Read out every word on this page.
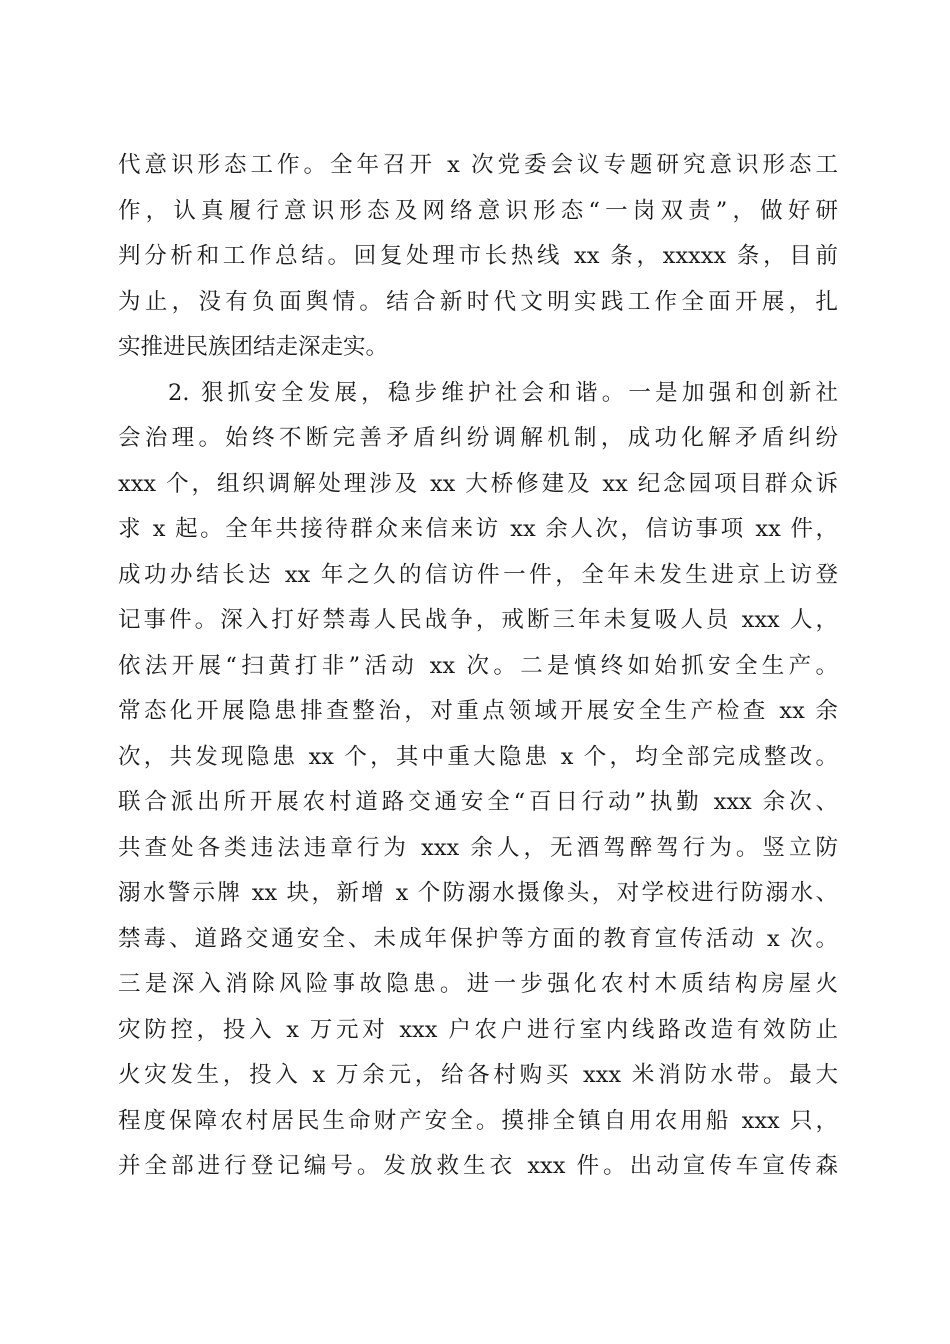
代意识形态工作。全年召开 x 次党委会议专题研究意识形态工
作，认真履行意识形态及网络意识形态“一岗双责”，做好研
判分析和工作总结。回复处理市长热线 xx 条，xxxxx 条，目前
为止，没有负面舆情。结合新时代文明实践工作全面开展，扎
实推进民族团结走深走实。
2. 狠抓安全发展，稳步维护社会和谐。一是加强和创新社
会治理。始终不断完善矛盾纠纷调解机制，成功化解矛盾纠纷
xxx 个，组织调解处理涉及 xx 大桥修建及 xx 纪念园项目群众诉
求 x 起。全年共接待群众来信来访 xx 余人次，信访事项 xx 件，
成功办结长达 xx 年之久的信访件一件，全年未发生进京上访登
记事件。深入打好禁毒人民战争，戒断三年未复吸人员 xxx 人，
依法开展“扫黄打非”活动 xx 次。二是慎终如始抓安全生产。
常态化开展隐患排查整治，对重点领域开展安全生产检查 xx 余
次，共发现隐患 xx 个，其中重大隐患 x 个，均全部完成整改。
联合派出所开展农村道路交通安全“百日行动”执勤 xxx 余次、
共查处各类违法违章行为 xxx 余人，无酒驾醉驾行为。竖立防
溺水警示牌 xx 块，新增 x 个防溺水摄像头，对学校进行防溺水、
禁毒、道路交通安全、未成年保护等方面的教育宣传活动 x 次。
三是深入消除风险事故隐患。进一步强化农村木质结构房屋火
灾防控，投入 x 万元对 xxx 户农户进行室内线路改造有效防止
火灾发生，投入 x 万余元，给各村购买 xxx 米消防水带。最大
程度保障农村居民生命财产安全。摸排全镇自用农用船 xxx 只，
并全部进行登记编号。发放救生衣 xxx 件。出动宣传车宣传森
